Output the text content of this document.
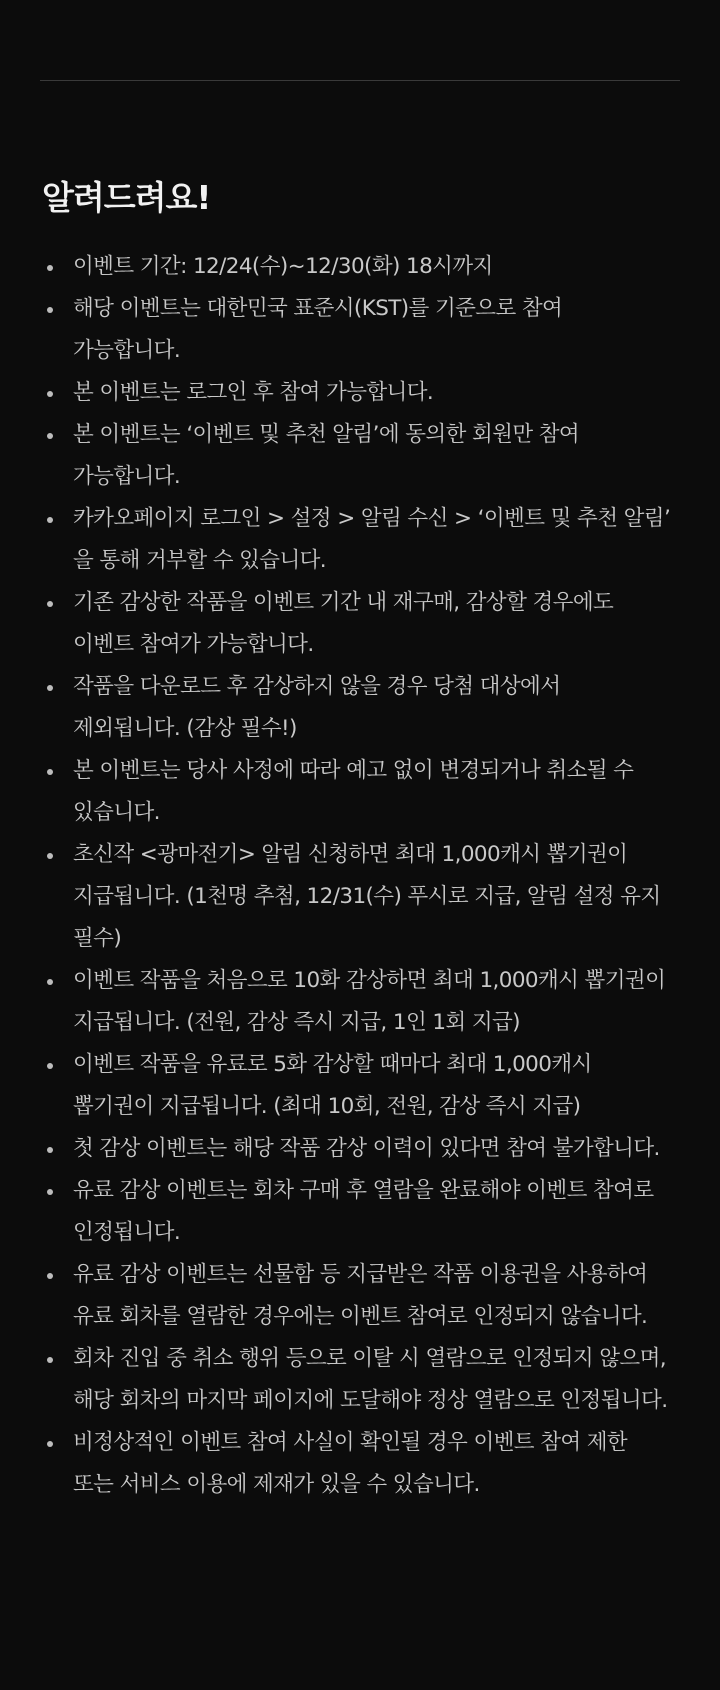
알려드려요!
이벤트 기간: 12/24(수)~12/30(화) 18시까지
해당 이벤트는 대한민국 표준시(KST)를 기준으로 참여
가능합니다.
본 이벤트는 로그인 후 참여 가능합니다.
본 이벤트는 ‘이벤트 및 추천 알림’에 동의한 회원만 참여
가능합니다.
카카오페이지 로그인 > 설정 > 알림 수신 > ‘이벤트 및 추천 알림’
을 통해 거부할 수 있습니다.
기존 감상한 작품을 이벤트 기간 내 재구매, 감상할 경우에도
이벤트 참여가 가능합니다.
작품을 다운로드 후 감상하지 않을 경우 당첨 대상에서
제외됩니다. (감상 필수!)
본 이벤트는 당사 사정에 따라 예고 없이 변경되거나 취소될 수
있습니다.
초신작 <광마전기> 알림 신청하면 최대 1,000캐시 뽑기권이
지급됩니다. (1천명 추첨, 12/31(수) 푸시로 지급, 알림 설정 유지
필수)
이벤트 작품을 처음으로 10화 감상하면 최대 1,000캐시 뽑기권이
지급됩니다. (전원, 감상 즉시 지급, 1인 1회 지급)
이벤트 작품을 유료로 5화 감상할 때마다 최대 1,000캐시
뽑기권이 지급됩니다. (최대 10회, 전원, 감상 즉시 지급)
첫 감상 이벤트는 해당 작품 감상 이력이 있다면 참여 불가합니다.
유료 감상 이벤트는 회차 구매 후 열람을 완료해야 이벤트 참여로
인정됩니다.
유료 감상 이벤트는 선물함 등 지급받은 작품 이용권을 사용하여
유료 회차를 열람한 경우에는 이벤트 참여로 인정되지 않습니다.
회차 진입 중 취소 행위 등으로 이탈 시 열람으로 인정되지 않으며,
해당 회차의 마지막 페이지에 도달해야 정상 열람으로 인정됩니다.
비정상적인 이벤트 참여 사실이 확인될 경우 이벤트 참여 제한
또는 서비스 이용에 제재가 있을 수 있습니다.
